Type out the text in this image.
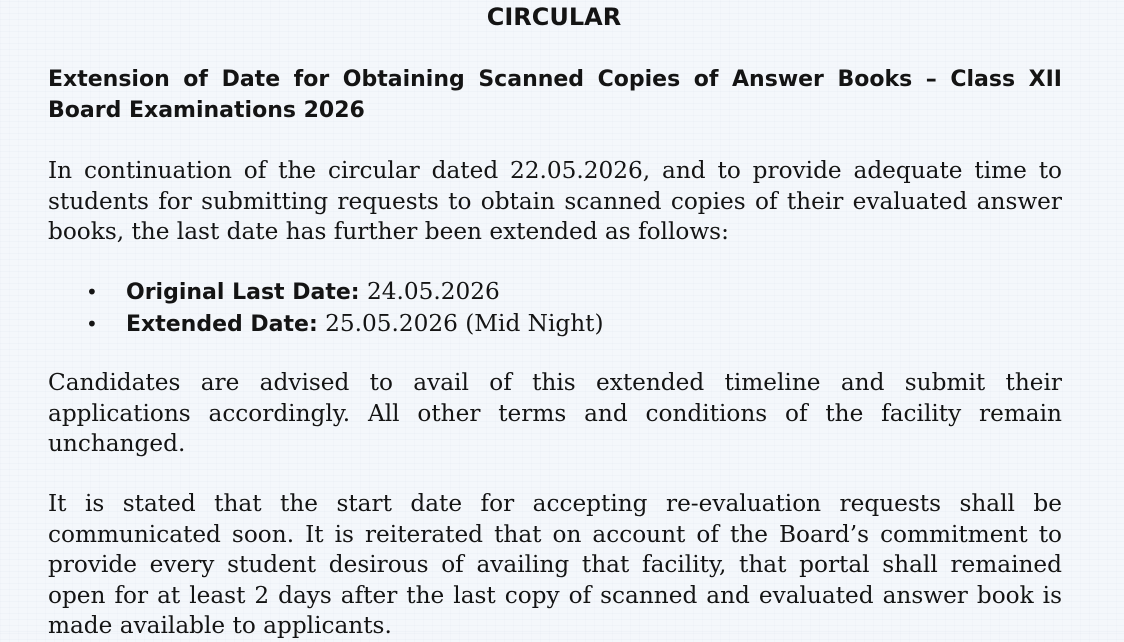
CIRCULAR
Extension of Date for Obtaining Scanned Copies of Answer Books – Class XII Board Examinations 2026
In continuation of the circular dated 22.05.2026, and to provide adequate time to students for submitting requests to obtain scanned copies of their evaluated answer books, the last date has further been extended as follows:
• Original Last Date: 24.05.2026
• Extended Date: 25.05.2026 (Mid Night)
Candidates are advised to avail of this extended timeline and submit their applications accordingly. All other terms and conditions of the facility remain unchanged.
It is stated that the start date for accepting re-evaluation requests shall be communicated soon. It is reiterated that on account of the Board’s commitment to provide every student desirous of availing that facility, that portal shall remained open for at least 2 days after the last copy of scanned and evaluated answer book is made available to applicants.
